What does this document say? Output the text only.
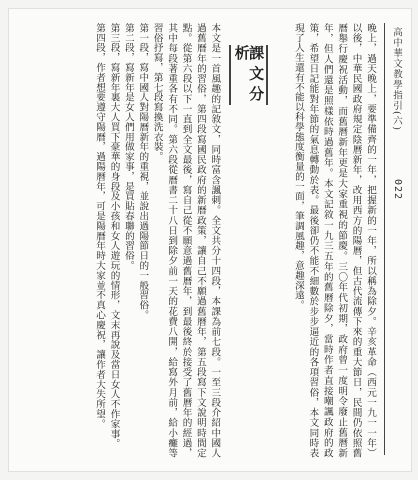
高中華文教學指引(六)
022

晚上，過天晚上，要準備齊的一年，把握新的一年，所以稱為除夕。辛亥革命（西元一九一一年）以後，中華民國政府規定陰曆新年，改用西方的陽曆，但古代流傳下來的重大節日，民間仍依照舊曆舉行慶祝活動，而舊曆新年更是大家重視的節慶。三〇年代初期，政府曾一度明令廢止舊曆新年，但人們還是照樣依時過舊年。本文記敘一九三五年的舊曆除夕，當時作者直接嘲諷政府的政策，希望日記能對年節的氣息轉動於表。最後卻仍不能不細數於步步逼近的各項習俗，本文同時表現了人生還有不能以科學態度衡量的一面，筆調風趣，意趣深遠。

課文分析

本文是一首風趣的記敘文，同時富含諷刺。全文共分十四段，本課為前七段。一至三段介紹中國人過舊曆年的習俗，第四段寫國民政府的新曆政策，讓自己不願過舊曆年，第五段寫下文說明時間定點。從第六段以下一直到全文最後，寫自己從不願意過舊曆年，到最後終於接受了舊曆年的經過，其中每段著重各有不同。第六段從曆書二十八日到除夕前一天的花費八開，給寫外月前，給小癱等習俗抒寫，第七段寫換洗衣裝。

第一段，寫中國人對陽曆新年的重視，並說出過陽節日的一般習俗。

第二段，寫新年是女人們用做家事，是買貼春聯的習俗。

第三段，寫新年裏大人買下豪華的身段及小孩和女人遊玩的情形，文末再說及當日女人不作家事。

第四段，作者想要遵守陽曆，過陽曆年，可是陽曆年時大家並不真心慶祝，讓作者大失所望。
